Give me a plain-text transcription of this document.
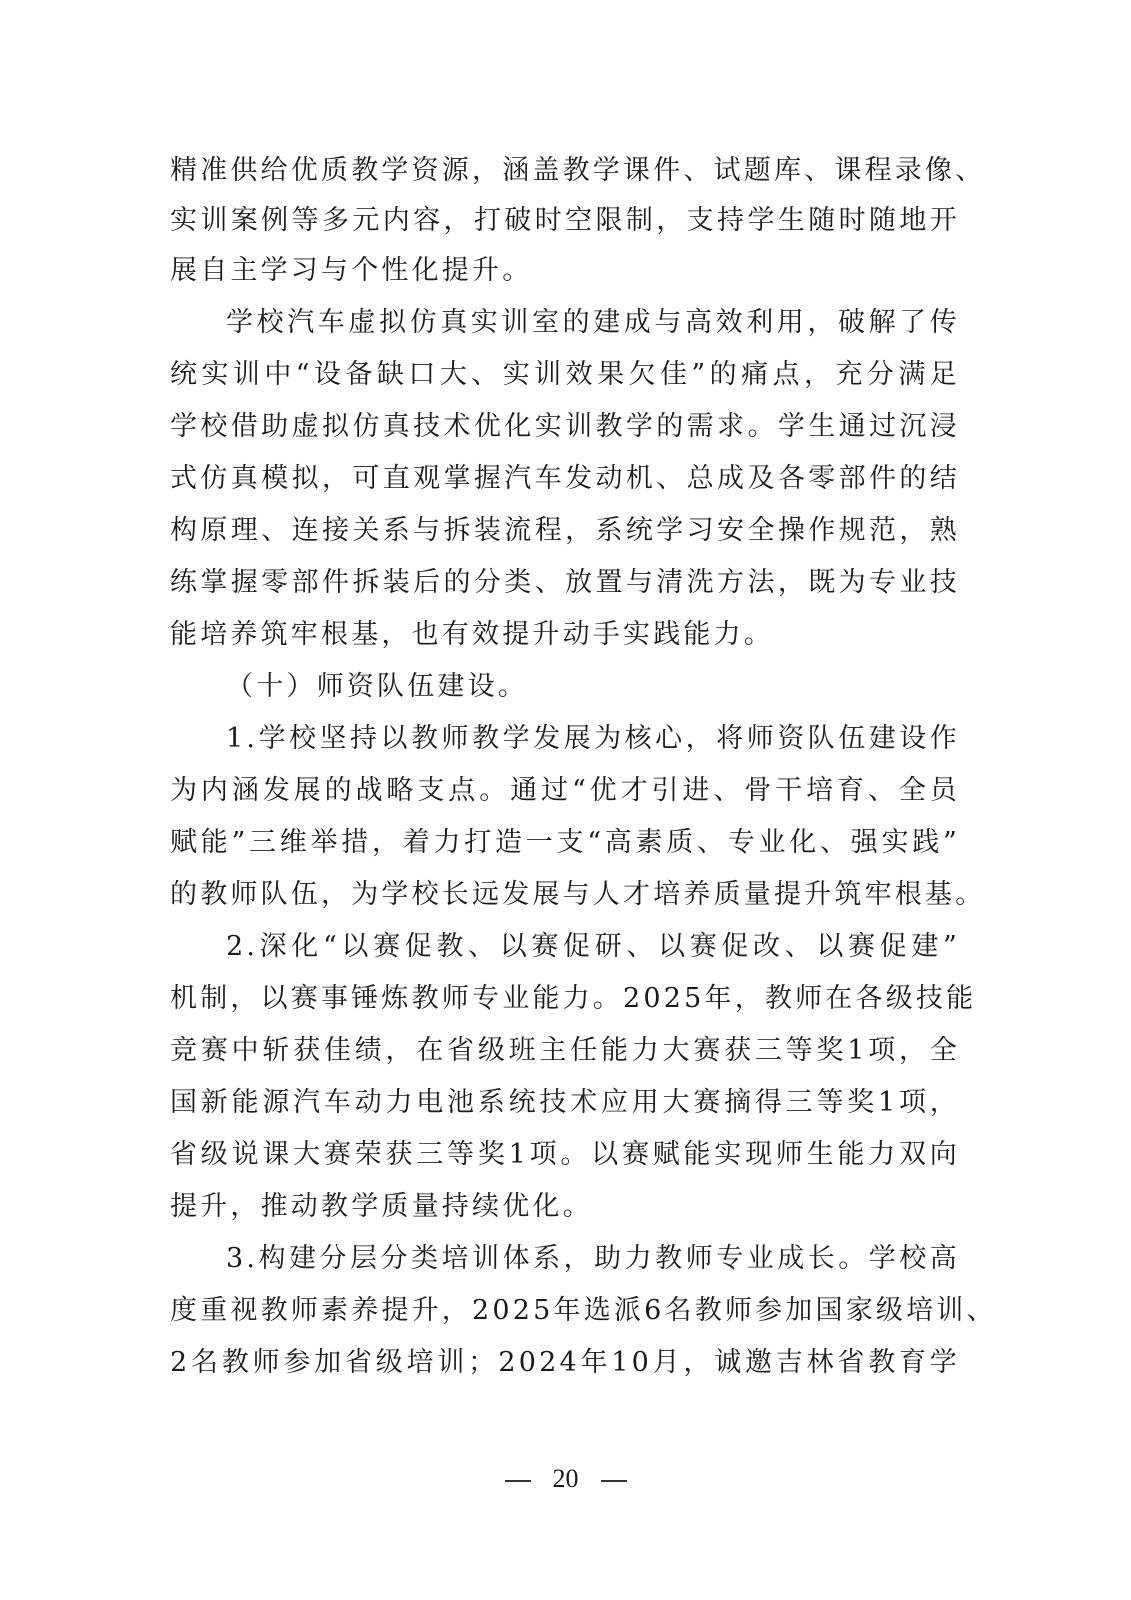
精准供给优质教学资源，涵盖教学课件、试题库、课程录像、
实训案例等多元内容，打破时空限制，支持学生随时随地开
展自主学习与个性化提升。
学校汽车虚拟仿真实训室的建成与高效利用，破解了传
统实训中“设备缺口大、实训效果欠佳”的痛点，充分满足
学校借助虚拟仿真技术优化实训教学的需求。学生通过沉浸
式仿真模拟，可直观掌握汽车发动机、总成及各零部件的结
构原理、连接关系与拆装流程，系统学习安全操作规范，熟
练掌握零部件拆装后的分类、放置与清洗方法，既为专业技
能培养筑牢根基，也有效提升动手实践能力。
（十）师资队伍建设。
1.学校坚持以教师教学发展为核心，将师资队伍建设作
为内涵发展的战略支点。通过“优才引进、骨干培育、全员
赋能”三维举措，着力打造一支“高素质、专业化、强实践”
的教师队伍，为学校长远发展与人才培养质量提升筑牢根基。
2.深化“以赛促教、以赛促研、以赛促改、以赛促建”
机制，以赛事锤炼教师专业能力。2025年，教师在各级技能
竞赛中斩获佳绩，在省级班主任能力大赛获三等奖1项，全
国新能源汽车动力电池系统技术应用大赛摘得三等奖1项，
省级说课大赛荣获三等奖1项。以赛赋能实现师生能力双向
提升，推动教学质量持续优化。
3.构建分层分类培训体系，助力教师专业成长。学校高
度重视教师素养提升，2025年选派6名教师参加国家级培训、
2名教师参加省级培训；2024年10月，诚邀吉林省教育学
20
